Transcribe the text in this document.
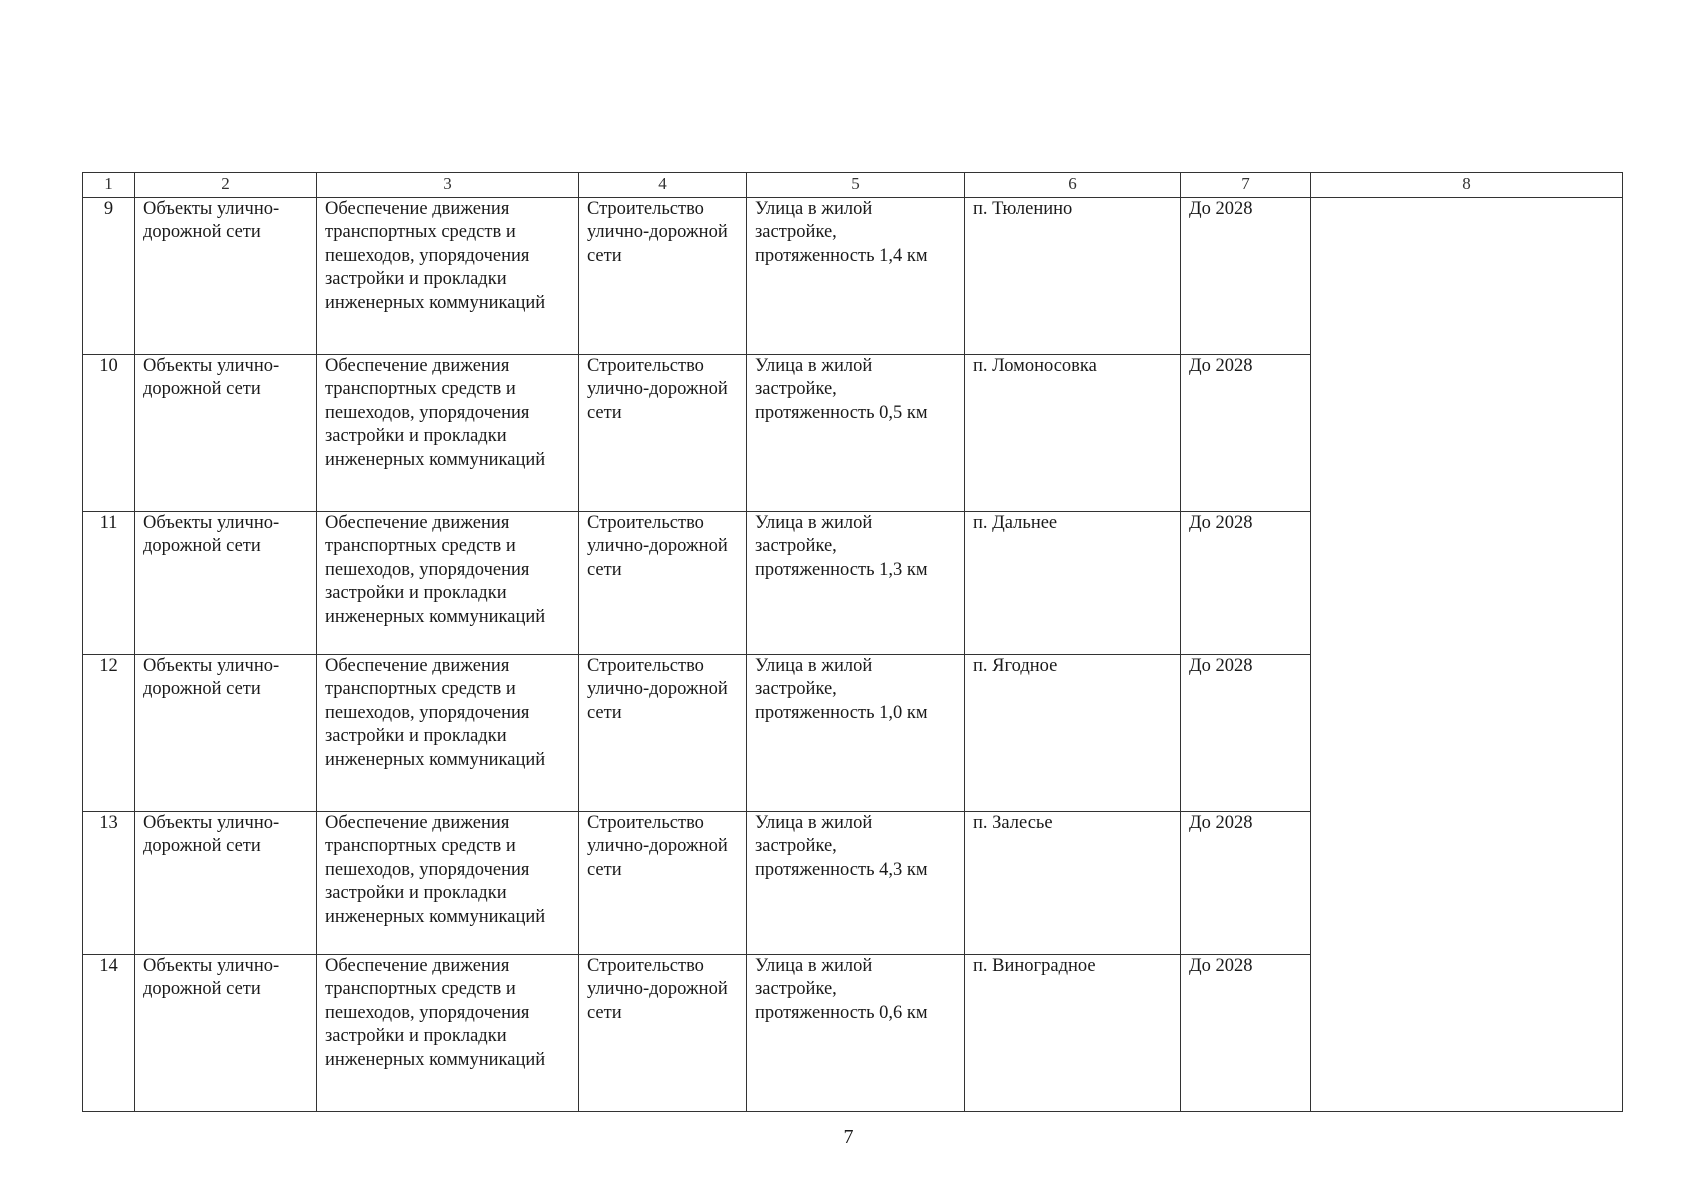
1	2	3	4	5	6	7	8
9	Объекты улично-дорожной сети	Обеспечение движения транспортных средств и пешеходов, упорядочения застройки и прокладки инженерных коммуникаций	Строительство улично-дорожной сети	Улица в жилой застройке, протяженность 1,4 км	п. Тюленино	До 2028	
10	Объекты улично-дорожной сети	Обеспечение движения транспортных средств и пешеходов, упорядочения застройки и прокладки инженерных коммуникаций	Строительство улично-дорожной сети	Улица в жилой застройке, протяженность 0,5 км	п. Ломоносовка	До 2028	
11	Объекты улично-дорожной сети	Обеспечение движения транспортных средств и пешеходов, упорядочения застройки и прокладки инженерных коммуникаций	Строительство улично-дорожной сети	Улица в жилой застройке, протяженность 1,3 км	п. Дальнее	До 2028	
12	Объекты улично-дорожной сети	Обеспечение движения транспортных средств и пешеходов, упорядочения застройки и прокладки инженерных коммуникаций	Строительство улично-дорожной сети	Улица в жилой застройке, протяженность 1,0 км	п. Ягодное	До 2028	
13	Объекты улично-дорожной сети	Обеспечение движения транспортных средств и пешеходов, упорядочения застройки и прокладки инженерных коммуникаций	Строительство улично-дорожной сети	Улица в жилой застройке, протяженность 4,3 км	п. Залесье	До 2028	
14	Объекты улично-дорожной сети	Обеспечение движения транспортных средств и пешеходов, упорядочения застройки и прокладки инженерных коммуникаций	Строительство улично-дорожной сети	Улица в жилой застройке, протяженность 0,6 км	п. Виноградное	До 2028	
7
